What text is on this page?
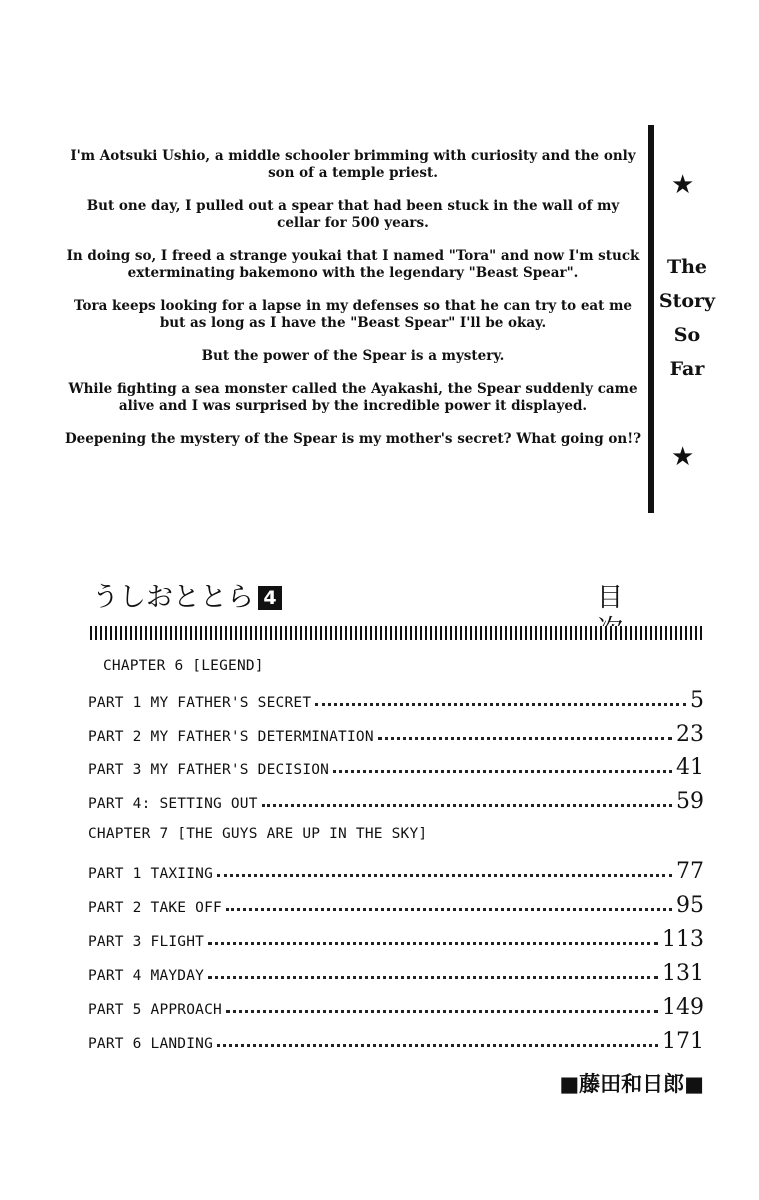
I'm Aotsuki Ushio, a middle schooler brimming with curiosity and the only son of a temple priest.

But one day, I pulled out a spear that had been stuck in the wall of my cellar for 500 years.

In doing so, I freed a strange youkai that I named "Tora" and now I'm stuck exterminating bakemono with the legendary "Beast Spear".

Tora keeps looking for a lapse in my defenses so that he can try to eat me but as long as I have the "Beast Spear" I'll be okay.

But the power of the Spear is a mystery.

While fighting a sea monster called the Ayakashi, the Spear suddenly came alive and I was surprised by the incredible power it displayed.

Deepening the mystery of the Spear is my mother's secret? What going on!?

★
The
Story
So Far
★
うしおととら 4	目
CHAPTER 6 [LEGEND]
PART 1 MY FATHER'S SECRET	5
PART 2 MY FATHER'S DETERMINATION	23
PART 3 MY FATHER'S DECISION	41
PART 4: SETTING OUT	59
CHAPTER 7 [THE GUYS ARE UP IN THE SKY]
PART 1 TAXIING	77
PART 2 TAKE OFF	95
PART 3 FLIGHT	113
PART 4 MAYDAY	131
PART 5 APPROACH	149
PART 6 LANDING	171
■藤田和日郎■
